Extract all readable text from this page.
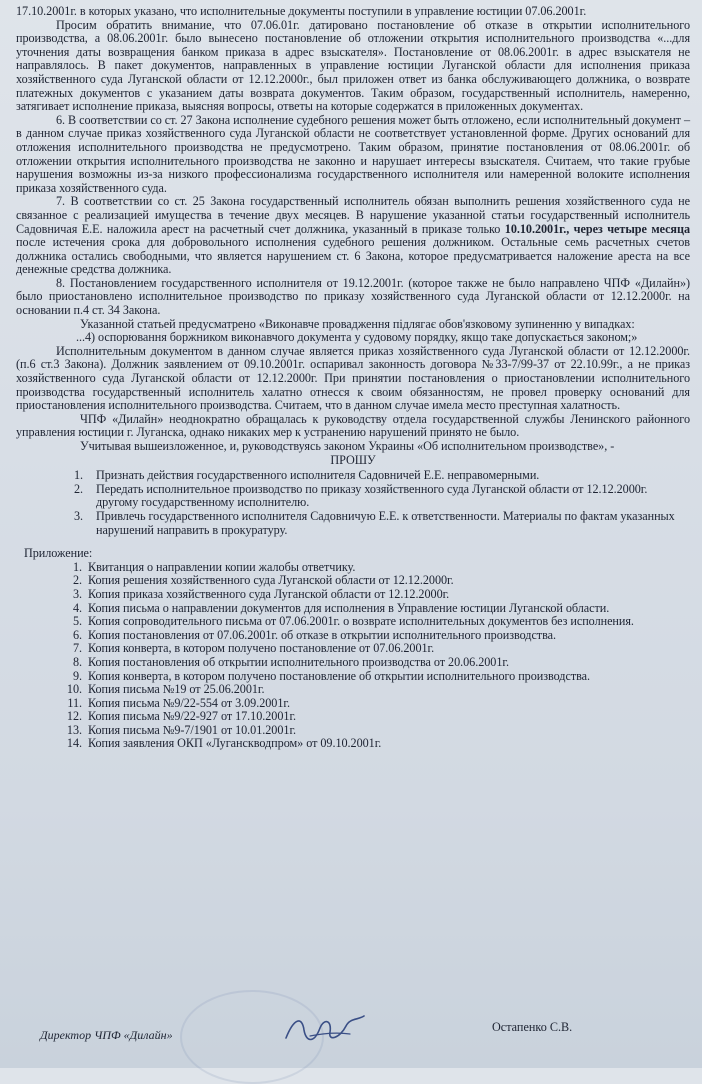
17.10.2001г. в которых указано, что исполнительные документы поступили в управление юстиции 07.06.2001г.

Просим обратить внимание, что 07.06.01г. датировано постановление об отказе в открытии исполнительного производства, а 08.06.2001г. было вынесено постановление об отложении открытия исполнительного производства «...для уточнения даты возвращения банком приказа в адрес взыскателя». Постановление от 08.06.2001г. в адрес взыскателя не направлялось. В пакет документов, направленных в управление юстиции Луганской области для исполнения приказа хозяйственного суда Луганской области от 12.12.2000г., был приложен ответ из банка обслуживающего должника, о возврате платежных документов с указанием даты возврата документов. Таким образом, государственный исполнитель, намеренно, затягивает исполнение приказа, выясняя вопросы, ответы на которые содержатся в приложенных документах.

6. В соответствии со ст. 27 Закона исполнение судебного решения может быть отложено, если исполнительный документ – в данном случае приказ хозяйственного суда Луганской области не соответствует установленной форме. Других оснований для отложения исполнительного производства не предусмотрено. Таким образом, принятие постановления от 08.06.2001г. об отложении открытия исполнительного производства не законно и нарушает интересы взыскателя. Считаем, что такие грубые нарушения возможны из-за низкого профессионализма государственного исполнителя или намеренной волоките исполнения приказа хозяйственного суда.

7. В соответствии со ст. 25 Закона государственный исполнитель обязан выполнить решения хозяйственного суда не связанное с реализацией имущества в течение двух месяцев. В нарушение указанной статьи государственный исполнитель Садовничая Е.Е. наложила арест на расчетный счет должника, указанный в приказе только 10.10.2001г., через четыре месяца после истечения срока для добровольного исполнения судебного решения должником. Остальные семь расчетных счетов должника остались свободными, что является нарушением ст. 6 Закона, которое предусматривается наложение ареста на все денежные средства должника.

8. Постановлением государственного исполнителя от 19.12.2001г. (которое также не было направлено ЧПФ «Дилайн») было приостановлено исполнительное производство по приказу хозяйственного суда Луганской области от 12.12.2000г. на основании п.4 ст. 34 Закона.

Указанной статьей предусматрено «Виконавче провадження підлягає обов'язковому зупиненню у випадках:

...4) оспорювання боржником виконавчого документа у судовому порядку, якщо таке допускається законом;»

Исполнительным документом в данном случае является приказ хозяйственного суда Луганской области от 12.12.2000г. (п.6 ст.3 Закона). Должник заявлением от 09.10.2001г. оспаривал законность договора №33-7/99-37 от 22.10.99г., а не приказ хозяйственного суда Луганской области от 12.12.2000г. При принятии постановления о приостановлении исполнительного производства государственный исполнитель халатно отнесся к своим обязанностям, не провел проверку оснований для приостановления исполнительного производства. Считаем, что в данном случае имела место преступная халатность.

ЧПФ «Дилайн» неоднократно обращалась к руководству отдела государственной службы Ленинского районного управления юстиции г. Луганска, однако никаких мер к устранению нарушений принято не было.

Учитывая вышеизложенное, и, руководствуясь законом Украины «Об исполнительном производстве», -

ПРОШУ

1.	Признать действия государственного исполнителя Садовничей Е.Е. неправомерными.
2.	Передать исполнительное производство по приказу хозяйственного суда Луганской области от 12.12.2000г. другому государственному исполнителю.
3.	Привлечь государственного исполнителя Садовничую Е.Е. к ответственности. Материалы по фактам указанных нарушений направить в прокуратуру.

Приложение:

1. Квитанция о направлении копии жалобы ответчику.
2. Копия решения хозяйственного суда Луганской области от 12.12.2000г.
3. Копия приказа хозяйственного суда Луганской области от 12.12.2000г.
4. Копия письма о направлении документов для исполнения в Управление юстиции Луганской области.
5. Копия сопроводительного письма от 07.06.2001г. о возврате исполнительных документов без исполнения.
6. Копия постановления от 07.06.2001г. об отказе в открытии исполнительного производства.
7. Копия конверта, в котором получено постановление от 07.06.2001г.
8. Копия постановления об открытии исполнительного производства от 20.06.2001г.
9. Копия конверта, в котором получено постановление об открытии исполнительного производства.
10. Копия письма №19 от 25.06.2001г.
11. Копия письма №9/22-554 от 3.09.2001г.
12. Копия письма №9/22-927 от 17.10.2001г.
13. Копия письма №9-7/1901 от 10.01.2001г.
14. Копия заявления ОКП «Луганскводпром» от 09.10.2001г.
Директор ЧПФ «Дилайн»
Остапенко С.В.
